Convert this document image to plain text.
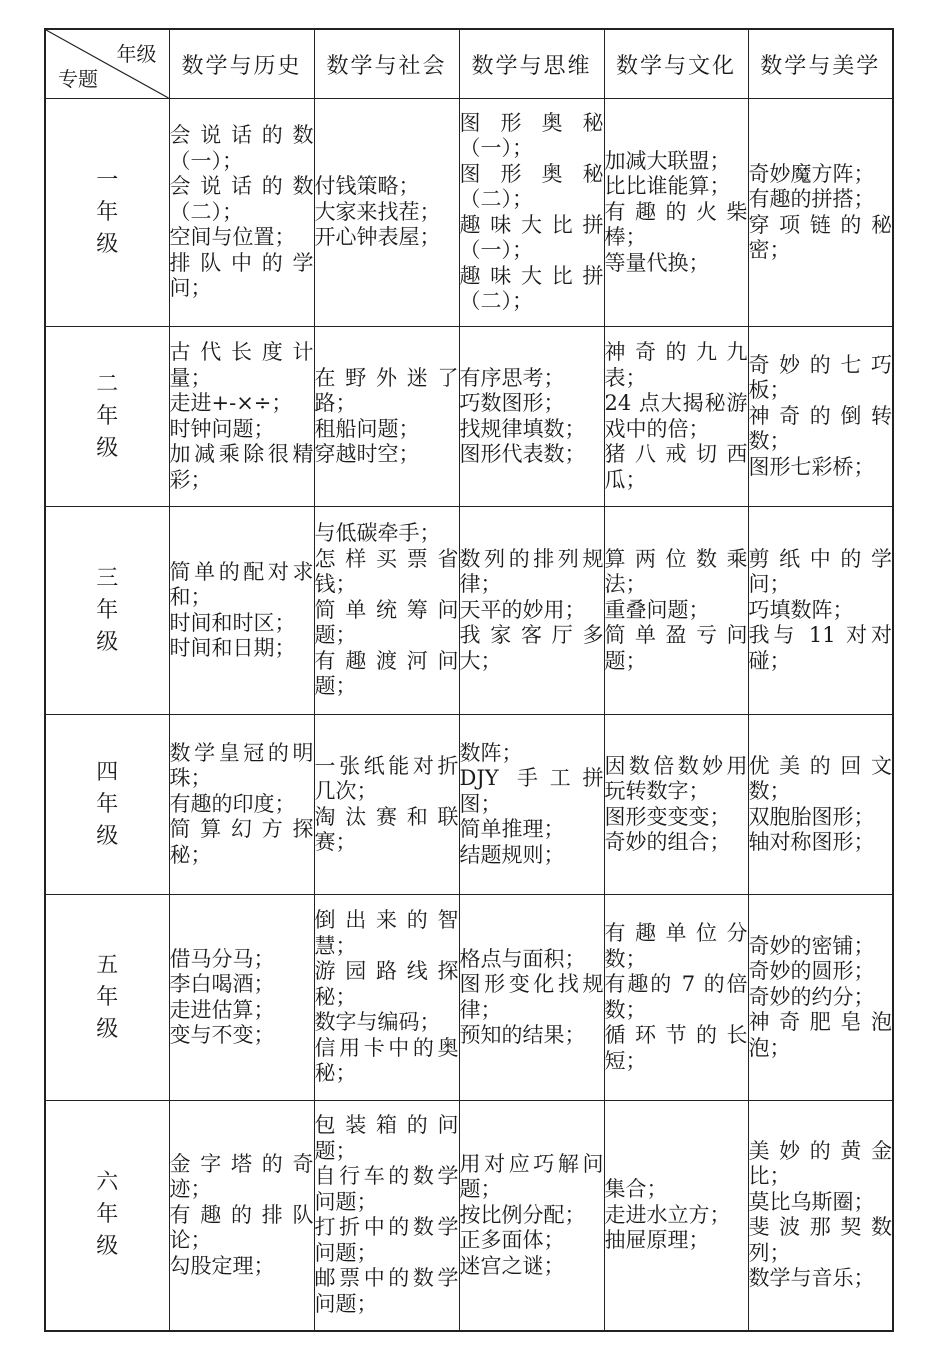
年级
专题	数学与历史	数学与社会	数学与思维	数学与文化	数学与美学

一
年
级	会说话的数（一）；
会说话的数（二）；
空间与位置；
排队中的学问；	付钱策略；
大家来找茬；
开心钟表屋；	图形奥秘（一）；
图形奥秘（二）；
趣味大比拼（一）；
趣味大比拼（二）；	加减大联盟；
比比谁能算；
有趣的火柴棒；
等量代换；	奇妙魔方阵；
有趣的拼搭；
穿项链的秘密；

二
年
级	古代长度计量；
走进+-×÷；
时钟问题；
加减乘除很精彩；	在野外迷了路；
租船问题；
穿越时空；	有序思考；
巧数图形；
找规律填数；
图形代表数；	神奇的九九表；
24 点大揭秘游戏中的倍；
猪八戒切西瓜；	奇妙的七巧板；
神奇的倒转数；
图形七彩桥；

三
年
级	简单的配对求和；
时间和时区；
时间和日期；	与低碳牵手；
怎样买票省钱；
简单统筹问题；
有趣渡河问题；	数列的排列规律；
天平的妙用；
我家客厅多大；	算两位数乘法；
重叠问题；
简单盈亏问题；	剪纸中的学问；
巧填数阵；
我与 11 对对碰；

四
年
级	数学皇冠的明珠；
有趣的印度；
简算幻方探秘；	一张纸能对折几次；
淘汰赛和联赛；	数阵；
DJY 手工拼图；
简单推理；
结题规则；	因数倍数妙用玩转数字；
图形变变变；
奇妙的组合；	优美的回文数；
双胞胎图形；
轴对称图形；

五
年
级	借马分马；
李白喝酒；
走进估算；
变与不变；	倒出来的智慧；
游园路线探秘；
数字与编码；
信用卡中的奥秘；	格点与面积；
图形变化找规律；
预知的结果；	有趣单位分数；
有趣的 7 的倍数；
循环节的长短；	奇妙的密铺；
奇妙的圆形；
奇妙的约分；
神奇肥皂泡泡；

六
年
级	金字塔的奇迹；
有趣的排队论；
勾股定理；	包装箱的问题；
自行车的数学问题；
打折中的数学问题；
邮票中的数学问题；	用对应巧解问题；
按比例分配；
正多面体；
迷宫之谜；	集合；
走进水立方；
抽屉原理；	美妙的黄金比；
莫比乌斯圈；
斐波那契数列；
数学与音乐；
